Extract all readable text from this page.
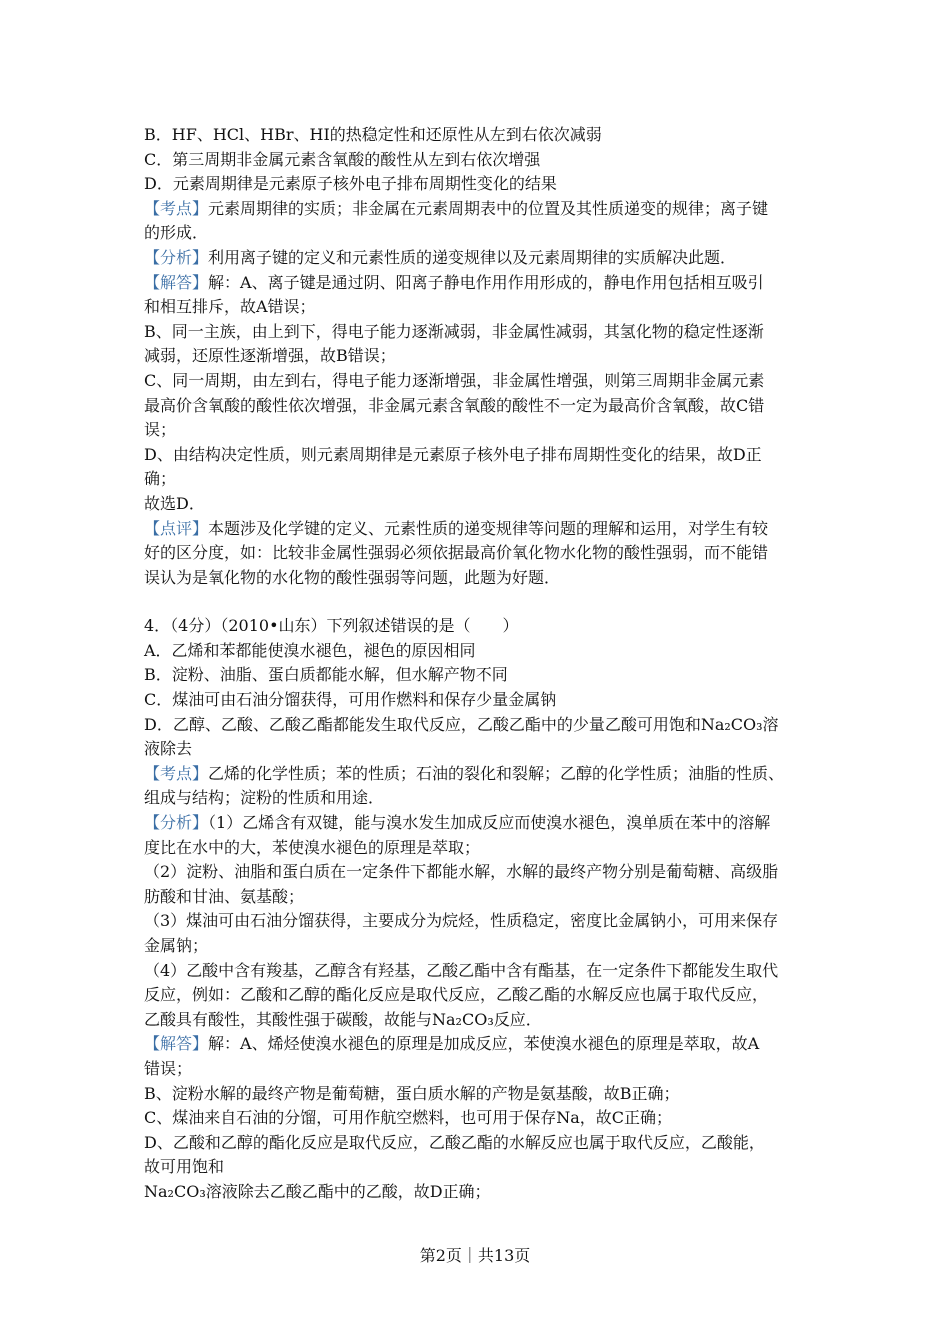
B．HF、HCl、HBr、HI的热稳定性和还原性从左到右依次减弱
C．第三周期非金属元素含氧酸的酸性从左到右依次增强
D．元素周期律是元素原子核外电子排布周期性变化的结果
【考点】元素周期律的实质；非金属在元素周期表中的位置及其性质递变的规律；离子键
的形成．
【分析】利用离子键的定义和元素性质的递变规律以及元素周期律的实质解决此题．
【解答】解：A、离子键是通过阴、阳离子静电作用作用形成的，静电作用包括相互吸引
和相互排斥，故A错误；
B、同一主族，由上到下，得电子能力逐渐减弱，非金属性减弱，其氢化物的稳定性逐渐
减弱，还原性逐渐增强，故B错误；
C、同一周期，由左到右，得电子能力逐渐增强，非金属性增强，则第三周期非金属元素
最高价含氧酸的酸性依次增强，非金属元素含氧酸的酸性不一定为最高价含氧酸，故C错
误；
D、由结构决定性质，则元素周期律是元素原子核外电子排布周期性变化的结果，故D正
确；
故选D．
【点评】本题涉及化学键的定义、元素性质的递变规律等问题的理解和运用，对学生有较
好的区分度，如：比较非金属性强弱必须依据最高价氧化物水化物的酸性强弱，而不能错
误认为是氧化物的水化物的酸性强弱等问题，此题为好题．
4．（4分）（2010•山东）下列叙述错误的是（　　）
A．乙烯和苯都能使溴水褪色，褪色的原因相同
B．淀粉、油脂、蛋白质都能水解，但水解产物不同
C．煤油可由石油分馏获得，可用作燃料和保存少量金属钠
D．乙醇、乙酸、乙酸乙酯都能发生取代反应，乙酸乙酯中的少量乙酸可用饱和Na₂CO₃溶
液除去
【考点】乙烯的化学性质；苯的性质；石油的裂化和裂解；乙醇的化学性质；油脂的性质、
组成与结构；淀粉的性质和用途．
【分析】（1）乙烯含有双键，能与溴水发生加成反应而使溴水褪色，溴单质在苯中的溶解
度比在水中的大，苯使溴水褪色的原理是萃取；
（2）淀粉、油脂和蛋白质在一定条件下都能水解，水解的最终产物分别是葡萄糖、高级脂
肪酸和甘油、氨基酸；
（3）煤油可由石油分馏获得，主要成分为烷烃，性质稳定，密度比金属钠小，可用来保存
金属钠；
（4）乙酸中含有羧基，乙醇含有羟基，乙酸乙酯中含有酯基，在一定条件下都能发生取代
反应，例如：乙酸和乙醇的酯化反应是取代反应，乙酸乙酯的水解反应也属于取代反应，
乙酸具有酸性，其酸性强于碳酸，故能与Na₂CO₃反应．
【解答】解：A、烯烃使溴水褪色的原理是加成反应，苯使溴水褪色的原理是萃取，故A
错误；
B、淀粉水解的最终产物是葡萄糖，蛋白质水解的产物是氨基酸，故B正确；
C、煤油来自石油的分馏，可用作航空燃料，也可用于保存Na，故C正确；
D、乙酸和乙醇的酯化反应是取代反应，乙酸乙酯的水解反应也属于取代反应，乙酸能，
故可用饱和
Na₂CO₃溶液除去乙酸乙酯中的乙酸，故D正确；
第2页｜共13页
